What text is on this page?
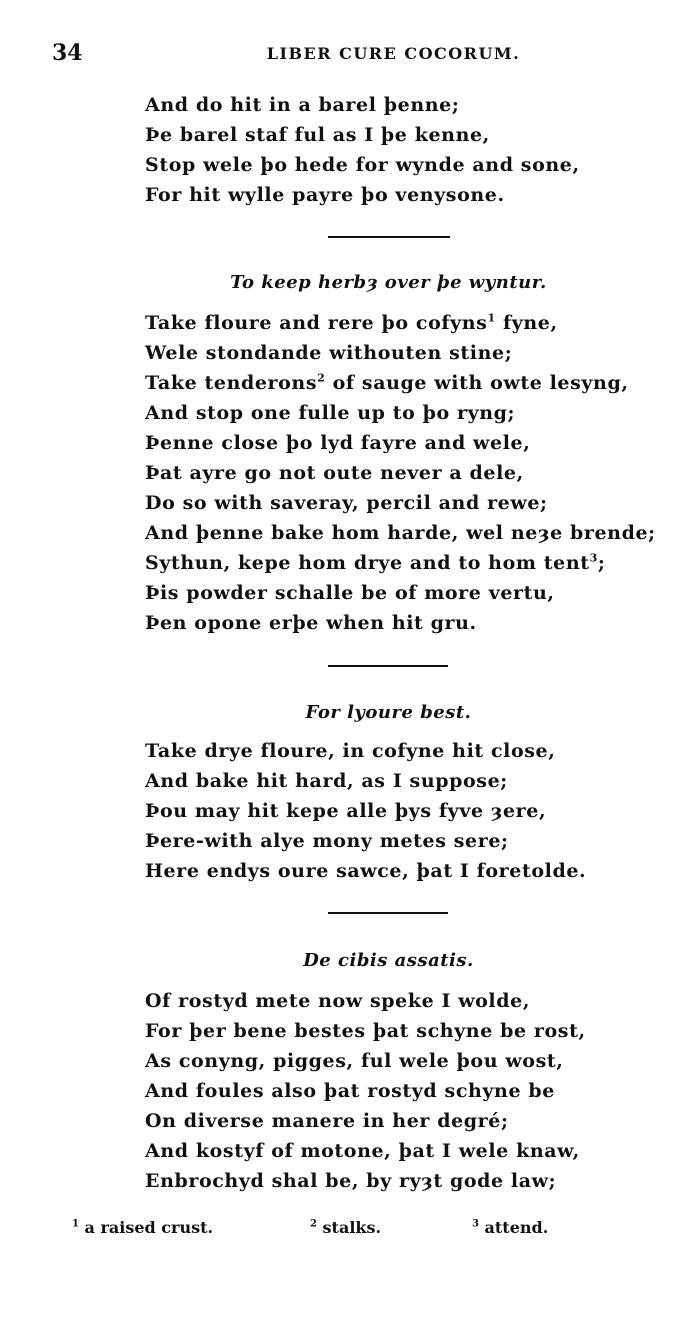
34	LIBER CURE COCORUM.
And do hit in a barel þenne;
Þe barel staf ful as I þe kenne,
Stop wele þo hede for wynde and sone,
For hit wylle payre þo venysone.
To keep herbȝ over þe wyntur.
Take floure and rere þo cofyns$^1$ fyne,
Wele stondande withouten stine;
Take tenderons$^2$ of sauge with owte lesyng,
And stop one fulle up to þo ryng;
Þenne close þo lyd fayre and wele,
Þat ayre go not oute never a dele,
Do so with saveray, percil and rewe;
And þenne bake hom harde, wel neȝe brende;
Sythun, kepe hom drye and to hom tent$^3$;
Þis powder schalle be of more vertu,
Þen opone erþe when hit gru.
For lyoure best.
Take drye floure, in cofyne hit close,
And bake hit hard, as I suppose;
Þou may hit kepe alle þys fyve ȝere,
Þere-with alye mony metes sere;
Here endys oure sawce, þat I foretolde.
De cibis assatis.
Of rostyd mete now speke I wolde,
For þer bene bestes þat schyne be rost,
As conyng, pigges, ful wele þou wost,
And foules also þat rostyd schyne be
On diverse manere in her degré;
And kostyf of motone, þat I wele knaw,
Enbrochyd shal be, by ryȝt gode law;
$^1$ a raised crust.	$^2$ stalks.	$^3$ attend.
